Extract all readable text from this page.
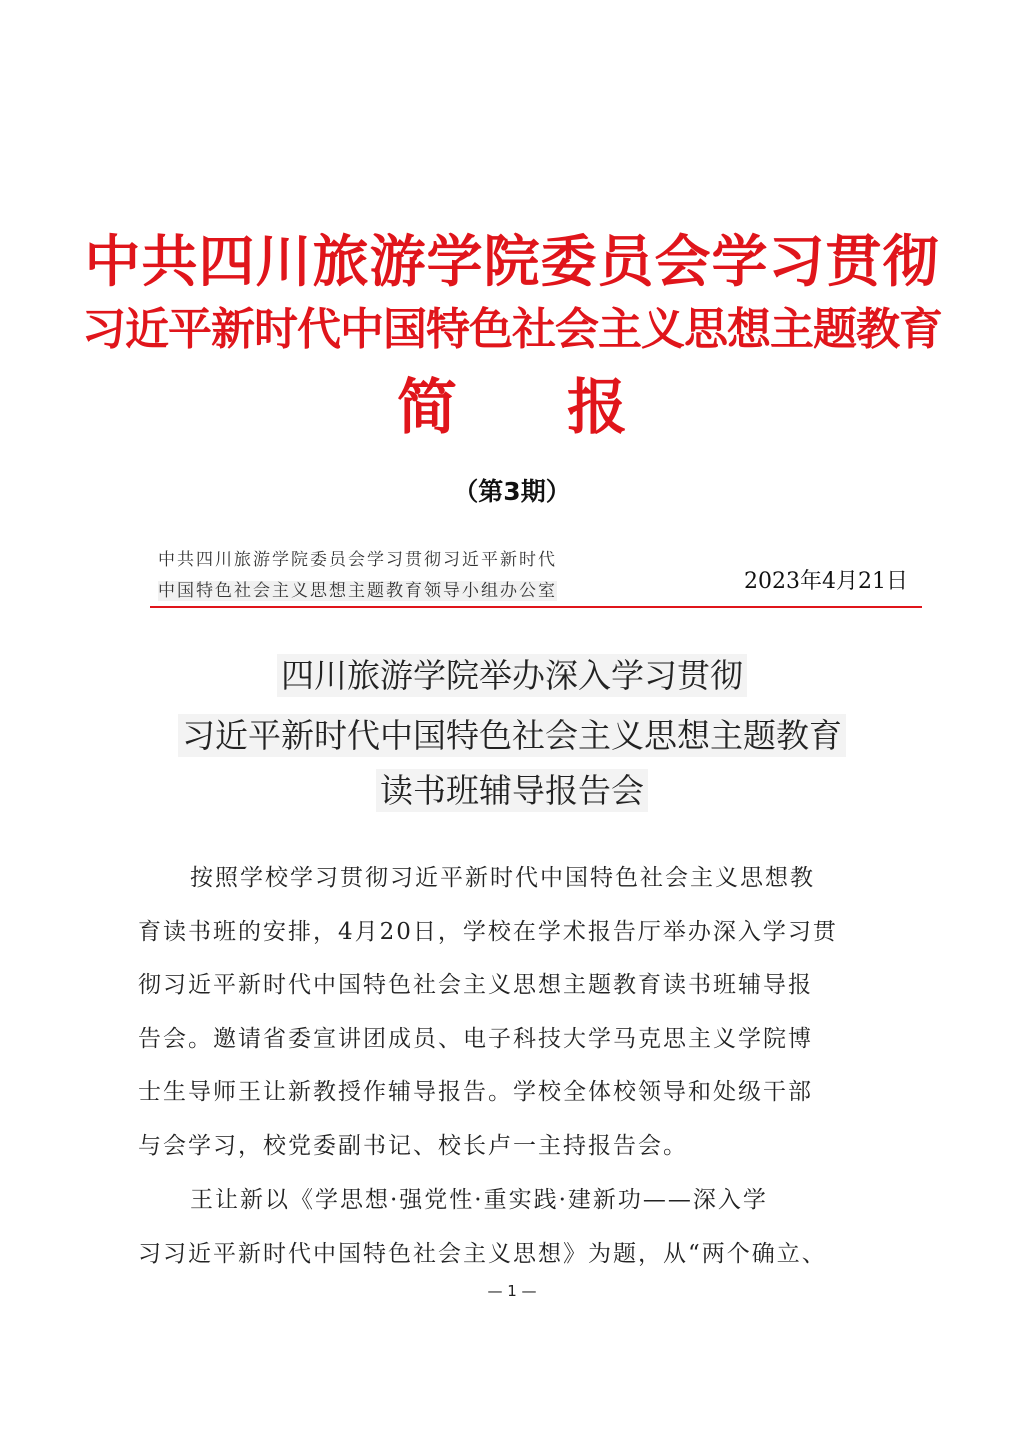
中共四川旅游学院委员会学习贯彻
习近平新时代中国特色社会主义思想主题教育
简报
（第3期）
中共四川旅游学院委员会学习贯彻习近平新时代
中国特色社会主义思想主题教育领导小组办公室	2023年4月21日
四川旅游学院举办深入学习贯彻
习近平新时代中国特色社会主义思想主题教育
读书班辅导报告会
按照学校学习贯彻习近平新时代中国特色社会主义思想教
育读书班的安排，4月20日，学校在学术报告厅举办深入学习贯
彻习近平新时代中国特色社会主义思想主题教育读书班辅导报
告会。邀请省委宣讲团成员、电子科技大学马克思主义学院博
士生导师王让新教授作辅导报告。学校全体校领导和处级干部
与会学习，校党委副书记、校长卢一主持报告会。
王让新以《学思想·强党性·重实践·建新功——深入学
习习近平新时代中国特色社会主义思想》为题，从“两个确立、
— 1 —
